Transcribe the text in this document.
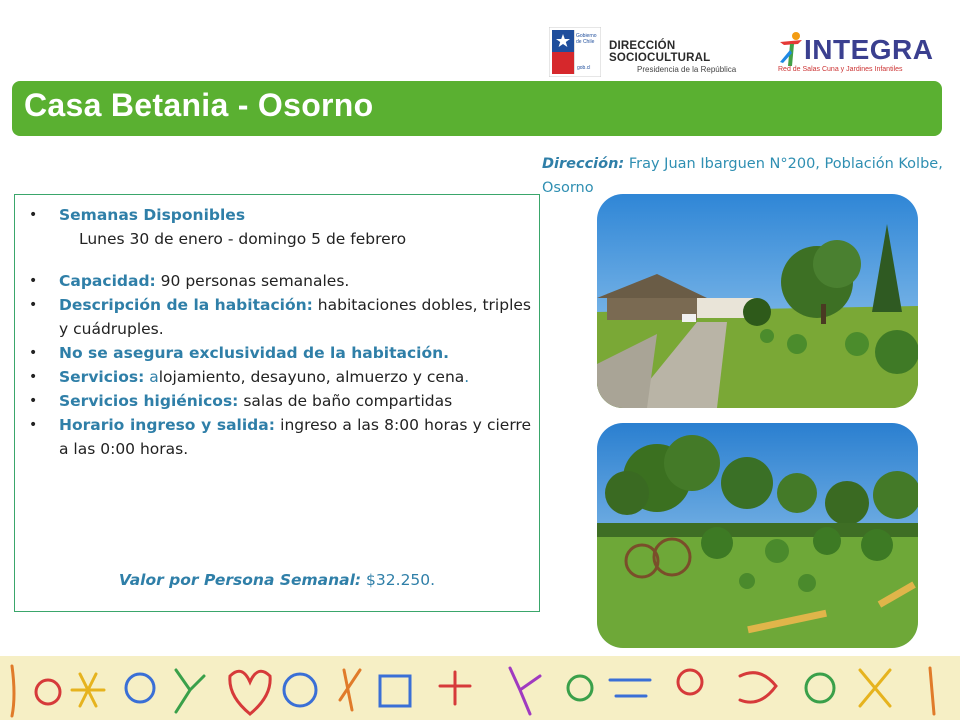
Gobierno de Chile
gob.cl
DIRECCIÓN SOCIOCULTURAL
Presidencia de la República
INTEGRA
Red de Salas Cuna y Jardines Infantiles
Casa Betania - Osorno
Dirección: Fray Juan Ibarguen N°200, Población Kolbe, Osorno
• Semanas Disponibles
Lunes 30 de enero - domingo 5 de febrero
• Capacidad: 90 personas semanales.
• Descripción de la habitación: habitaciones dobles, triples y cuádruples.
• No se asegura exclusividad de la habitación.
• Servicios: alojamiento, desayuno, almuerzo y cena.
• Servicios higiénicos: salas de baño compartidas
• Horario ingreso y salida: ingreso a las 8:00 horas y cierre a las 0:00 horas.
Valor por Persona Semanal: $32.250.
